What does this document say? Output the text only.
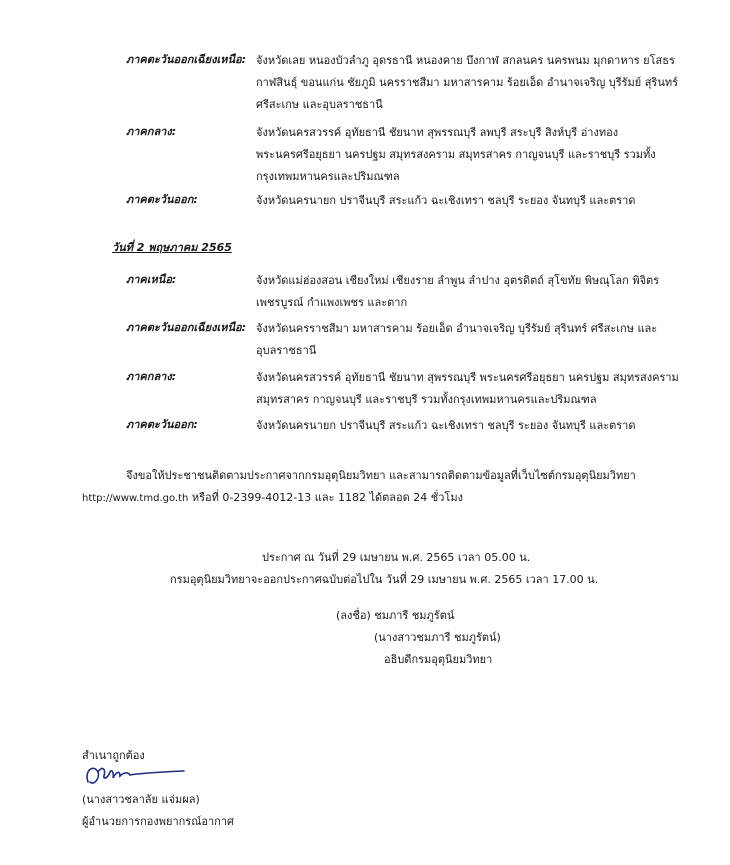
ภาคตะวันออกเฉียงเหนือ: จังหวัดเลย หนองบัวลำภู อุดรธานี หนองคาย บึงกาฬ สกลนคร นครพนม มุกดาหาร ยโสธร
กาฬสินธุ์ ขอนแก่น ชัยภูมิ นครราชสีมา มหาสารคาม ร้อยเอ็ด อำนาจเจริญ บุรีรัมย์ สุรินทร์
ศรีสะเกษ และอุบลราชธานี
ภาคกลาง:	จังหวัดนครสวรรค์ อุทัยธานี ชัยนาท สุพรรณบุรี ลพบุรี สระบุรี สิงห์บุรี อ่างทอง
พระนครศรีอยุธยา นครปฐม สมุทรสงคราม สมุทรสาคร กาญจนบุรี และราชบุรี รวมทั้ง
กรุงเทพมหานครและปริมณฑล
ภาคตะวันออก:	จังหวัดนครนายก ปราจีนบุรี สระแก้ว ฉะเชิงเทรา ชลบุรี ระยอง จันทบุรี และตราด
วันที่ 2 พฤษภาคม 2565
ภาคเหนือ:	จังหวัดแม่ฮ่องสอน เชียงใหม่ เชียงราย ลำพูน ลำปาง อุตรดิตถ์ สุโขทัย พิษณุโลก พิจิตร
เพชรบูรณ์ กำแพงเพชร และตาก
ภาคตะวันออกเฉียงเหนือ: จังหวัดนครราชสีมา มหาสารคาม ร้อยเอ็ด อำนาจเจริญ บุรีรัมย์ สุรินทร์ ศรีสะเกษ และ
อุบลราชธานี
ภาคกลาง:	จังหวัดนครสวรรค์ อุทัยธานี ชัยนาท สุพรรณบุรี พระนครศรีอยุธยา นครปฐม สมุทรสงคราม
สมุทรสาคร กาญจนบุรี และราชบุรี รวมทั้งกรุงเทพมหานครและปริมณฑล
ภาคตะวันออก:	จังหวัดนครนายก ปราจีนบุรี สระแก้ว ฉะเชิงเทรา ชลบุรี ระยอง จันทบุรี และตราด
จึงขอให้ประชาชนติดตามประกาศจากกรมอุตุนิยมวิทยา และสามารถติดตามข้อมูลที่เว็บไซต์กรมอุตุนิยมวิทยา
http://www.tmd.go.th หรือที่ 0-2399-4012-13 และ 1182 ได้ตลอด 24 ชั่วโมง
ประกาศ ณ วันที่ 29 เมษายน พ.ศ. 2565 เวลา 05.00 น.
กรมอุตุนิยมวิทยาจะออกประกาศฉบับต่อไปใน วันที่ 29 เมษายน พ.ศ. 2565 เวลา 17.00 น.
(ลงชื่อ) ชมภารี ชมภูรัตน์
(นางสาวชมภารี ชมภูรัตน์)
อธิบดีกรมอุตุนิยมวิทยา
สำเนาถูกต้อง
(นางสาวชลาลัย แจ่มผล)
ผู้อำนวยการกองพยากรณ์อากาศ
